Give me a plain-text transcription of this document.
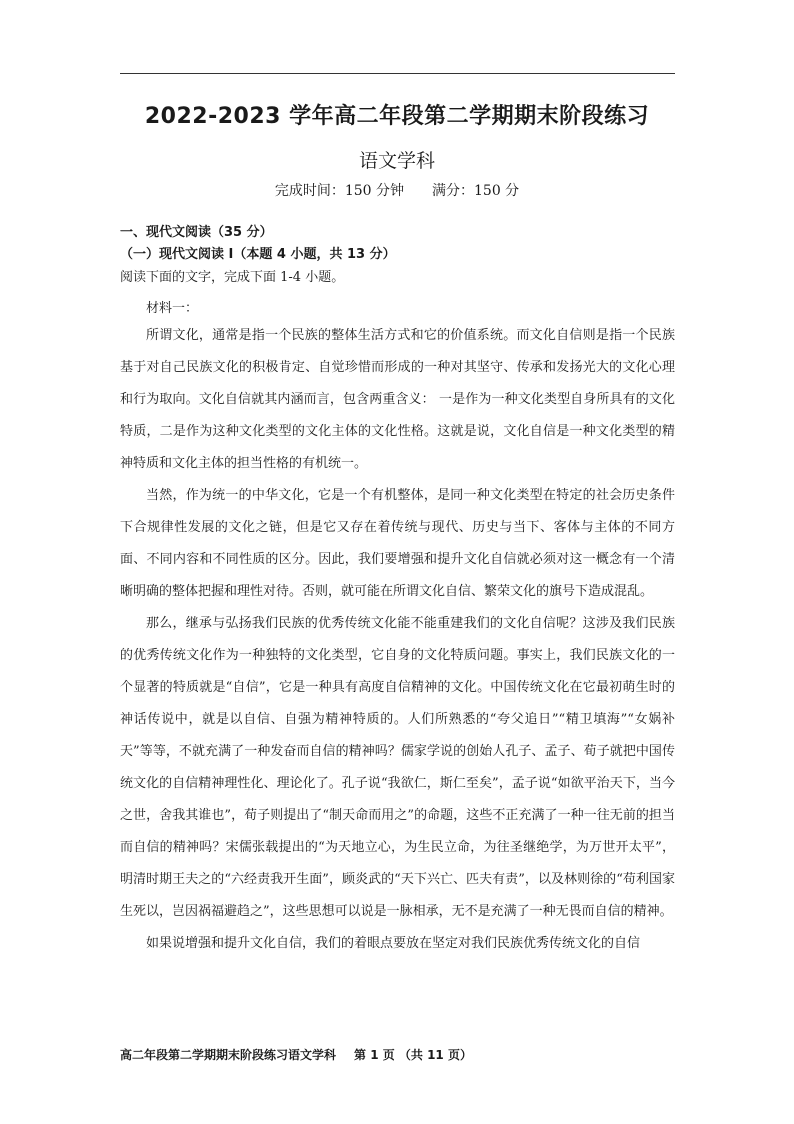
2022-2023 学年高二年段第二学期期末阶段练习
语文学科
完成时间：150 分钟 满分：150 分
一、现代文阅读（35 分）
（一）现代文阅读 I（本题 4 小题，共 13 分）
阅读下面的文字，完成下面 1-4 小题。
材料一：

所谓文化，通常是指一个民族的整体生活方式和它的价值系统。而文化自信则是指一个民族基于对自己民族文化的积极肯定、自觉珍惜而形成的一种对其坚守、传承和发扬光大的文化心理和行为取向。文化自信就其内涵而言，包含两重含义： 一是作为一种文化类型自身所具有的文化特质，二是作为这种文化类型的文化主体的文化性格。这就是说，文化自信是一种文化类型的精神特质和文化主体的担当性格的有机统一。

当然，作为统一的中华文化，它是一个有机整体，是同一种文化类型在特定的社会历史条件下合规律性发展的文化之链，但是它又存在着传统与现代、历史与当下、客体与主体的不同方面、不同内容和不同性质的区分。因此，我们要增强和提升文化自信就必须对这一概念有一个清晰明确的整体把握和理性对待。否则，就可能在所谓文化自信、繁荣文化的旗号下造成混乱。

那么，继承与弘扬我们民族的优秀传统文化能不能重建我们的文化自信呢？这涉及我们民族的优秀传统文化作为一种独特的文化类型，它自身的文化特质问题。事实上，我们民族文化的一个显著的特质就是“自信”，它是一种具有高度自信精神的文化。中国传统文化在它最初萌生时的神话传说中，就是以自信、自强为精神特质的。人们所熟悉的“夸父追日”“精卫填海”“女娲补天”等等，不就充满了一种发奋而自信的精神吗？儒家学说的创始人孔子、孟子、荀子就把中国传统文化的自信精神理性化、理论化了。孔子说“我欲仁，斯仁至矣”，孟子说“如欲平治天下，当今之世，舍我其谁也”，荀子则提出了“制天命而用之”的命题，这些不正充满了一种一往无前的担当而自信的精神吗？宋儒张载提出的“为天地立心，为生民立命，为往圣继绝学，为万世开太平”，明清时期王夫之的“六经责我开生面”，顾炎武的“天下兴亡、匹夫有责”，以及林则徐的“苟利国家生死以，岂因祸福避趋之”，这些思想可以说是一脉相承，无不是充满了一种无畏而自信的精神。

如果说增强和提升文化自信，我们的着眼点要放在坚定对我们民族优秀传统文化的自信

高二年段第二学期期末阶段练习语文学科 第 1 页 （共 11 页）
